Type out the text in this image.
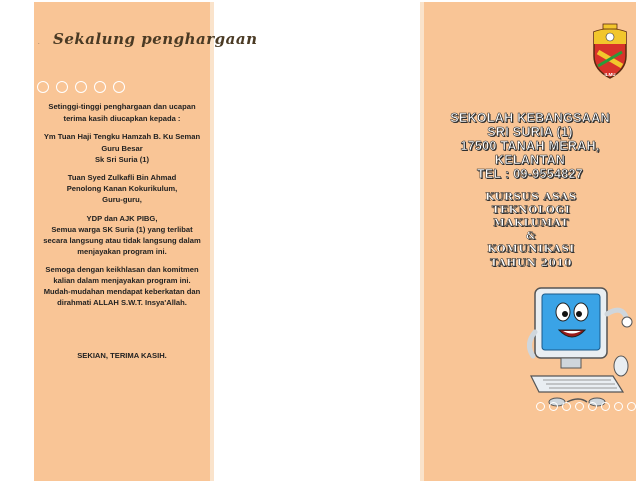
. Sekalung penghargaan
Setinggi-tinggi penghargaan dan ucapan
terima kasih diucapkan kepada :
Ym Tuan Haji Tengku Hamzah B. Ku Seman
Guru Besar
Sk Sri Suria (1)
Tuan Syed Zulkafli Bin Ahmad
Penolong Kanan Kokurikulum,
Guru-guru,
YDP dan AJK PIBG,
Semua warga SK Suria (1) yang terlibat
secara langsung atau tidak langsung dalam
menjayakan program ini.
Semoga dengan keikhlasan dan komitmen
kalian dalam menjayakan program ini.
Mudah-mudahan mendapat keberkatan dan
dirahmati ALLAH S.W.T. Insya'Allah.
SEKIAN, TERIMA KASIH.
ILMU
SEKOLAH KEBANGSAAN
SRI SURIA (1)
17500 TANAH MERAH,
KELANTAN
TEL : 09-9554827
KURSUS ASAS
TEKNOLOGI
MAKLUMAT
&
KOMUNIKASI
TAHUN 2010
